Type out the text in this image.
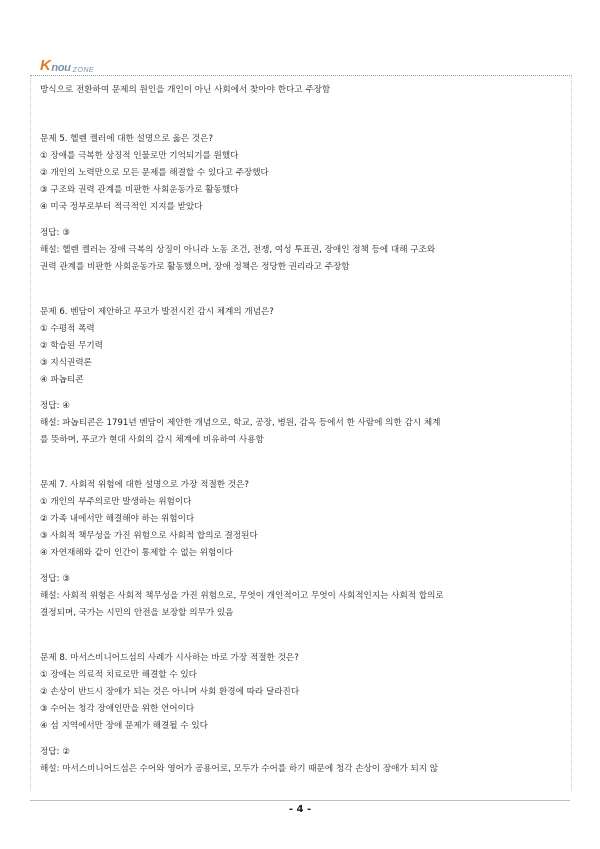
K nou ZONE
방식으로 전환하여 문제의 원인을 개인이 아닌 사회에서 찾아야 한다고 주장함
문제 5. 헬렌 켈러에 대한 설명으로 옳은 것은?
① 장애를 극복한 상징적 인물로만 기억되기를 원했다
② 개인의 노력만으로 모든 문제를 해결할 수 있다고 주장했다
③ 구조와 권력 관계를 비판한 사회운동가로 활동했다
④ 미국 정부로부터 적극적인 지지를 받았다
정답: ③
해설: 헬렌 켈러는 장애 극복의 상징이 아니라 노동 조건, 전쟁, 여성 투표권, 장애인 정책 등에 대해 구조와
권력 관계를 비판한 사회운동가로 활동했으며, 장애 정책은 정당한 권리라고 주장함
문제 6. 벤담이 제안하고 푸코가 발전시킨 감시 체계의 개념은?
① 수평적 폭력
② 학습된 무기력
③ 지식권력론
④ 파놉티콘
정답: ④
해설: 파놉티콘은 1791년 벤담이 제안한 개념으로, 학교, 공장, 병원, 감옥 등에서 한 사람에 의한 감시 체계
를 뜻하며, 푸코가 현대 사회의 감시 체계에 비유하여 사용함
문제 7. 사회적 위험에 대한 설명으로 가장 적절한 것은?
① 개인의 부주의로만 발생하는 위험이다
② 가족 내에서만 해결해야 하는 위험이다
③ 사회적 책무성을 가진 위험으로 사회적 합의로 결정된다
④ 자연재해와 같이 인간이 통제할 수 없는 위험이다
정답: ③
해설: 사회적 위험은 사회적 책무성을 가진 위험으로, 무엇이 개인적이고 무엇이 사회적인지는 사회적 합의로
결정되며, 국가는 시민의 안전을 보장할 의무가 있음
문제 8. 마서스비니어드섬의 사례가 시사하는 바로 가장 적절한 것은?
① 장애는 의료적 치료로만 해결할 수 있다
② 손상이 반드시 장애가 되는 것은 아니며 사회 환경에 따라 달라진다
③ 수어는 청각 장애인만을 위한 언어이다
④ 섬 지역에서만 장애 문제가 해결될 수 있다
정답: ②
해설: 마서스비니어드섬은 수어와 영어가 공용어로, 모두가 수어를 하기 때문에 청각 손상이 장애가 되지 않
- 4 -
